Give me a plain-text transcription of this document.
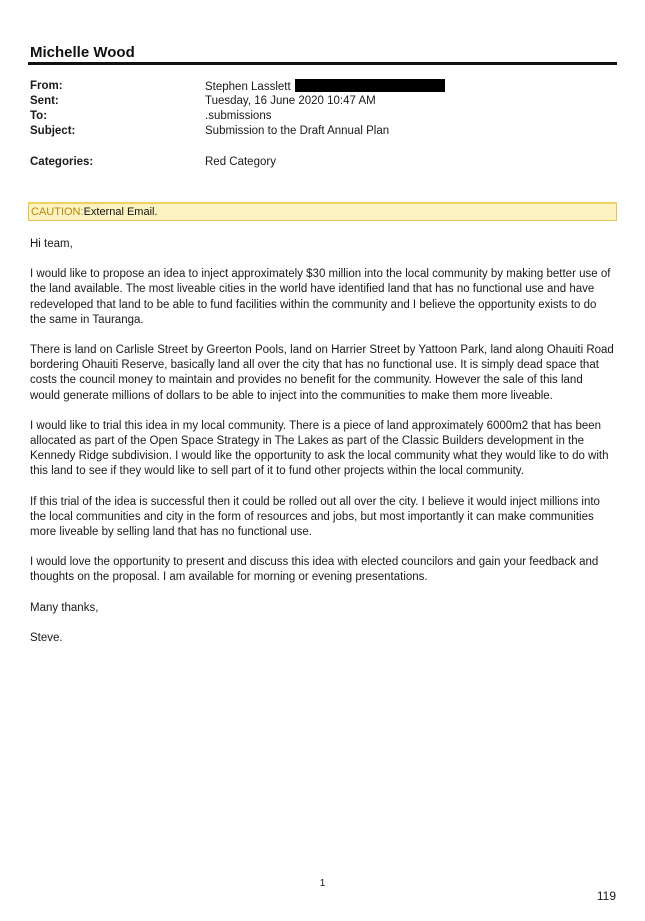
Michelle Wood
From:	Stephen Lasslett
Sent:	Tuesday, 16 June 2020 10:47 AM
To:	.submissions
Subject:	Submission to the Draft Annual Plan
Categories:	Red Category
CAUTION:External Email.

Hi team,

I would like to propose an idea to inject approximately $30 million into the local community by making better use of the land available. The most liveable cities in the world have identified land that has no functional use and have redeveloped that land to be able to fund facilities within the community and I believe the opportunity exists to do the same in Tauranga.

There is land on Carlisle Street by Greerton Pools, land on Harrier Street by Yattoon Park, land along Ohauiti Road bordering Ohauiti Reserve, basically land all over the city that has no functional use. It is simply dead space that costs the council money to maintain and provides no benefit for the community. However the sale of this land would generate millions of dollars to be able to inject into the communities to make them more liveable.

I would like to trial this idea in my local community. There is a piece of land approximately 6000m2 that has been allocated as part of the Open Space Strategy in The Lakes as part of the Classic Builders development in the Kennedy Ridge subdivision. I would like the opportunity to ask the local community what they would like to do with this land to see if they would like to sell part of it to fund other projects within the local community.

If this trial of the idea is successful then it could be rolled out all over the city. I believe it would inject millions into the local communities and city in the form of resources and jobs, but most importantly it can make communities more liveable by selling land that has no functional use.

I would love the opportunity to present and discuss this idea with elected councilors and gain your feedback and thoughts on the proposal. I am available for morning or evening presentations.

Many thanks,

Steve.

1
119
